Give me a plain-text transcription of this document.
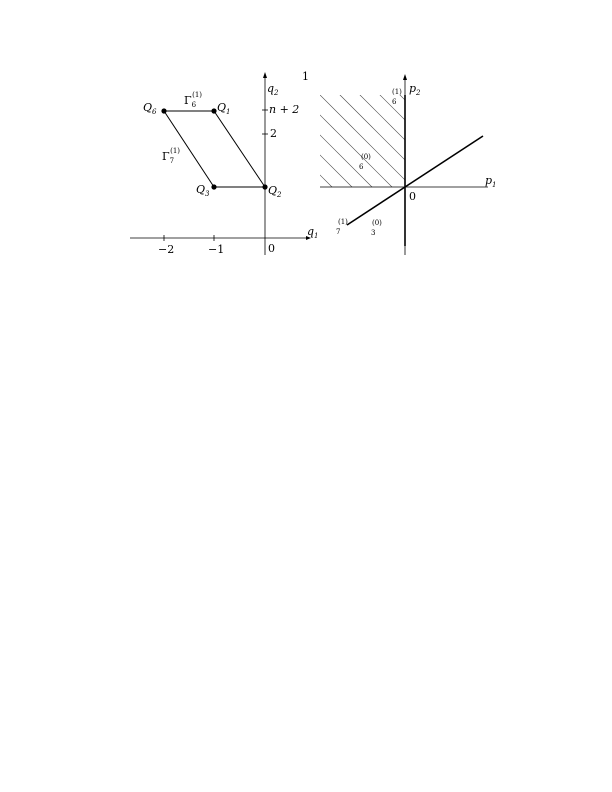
1
$q_2$
$q_1$
−2	−1	0
n + 2
2
$Q_6$	$Q_1$
$Q_3$	$Q_2$
$\Gamma_6(1)$
$\Gamma_7(1)$
$p_2$
$p_1$
0
(1)
6
(0)
6
(1)
7
(0)
3
